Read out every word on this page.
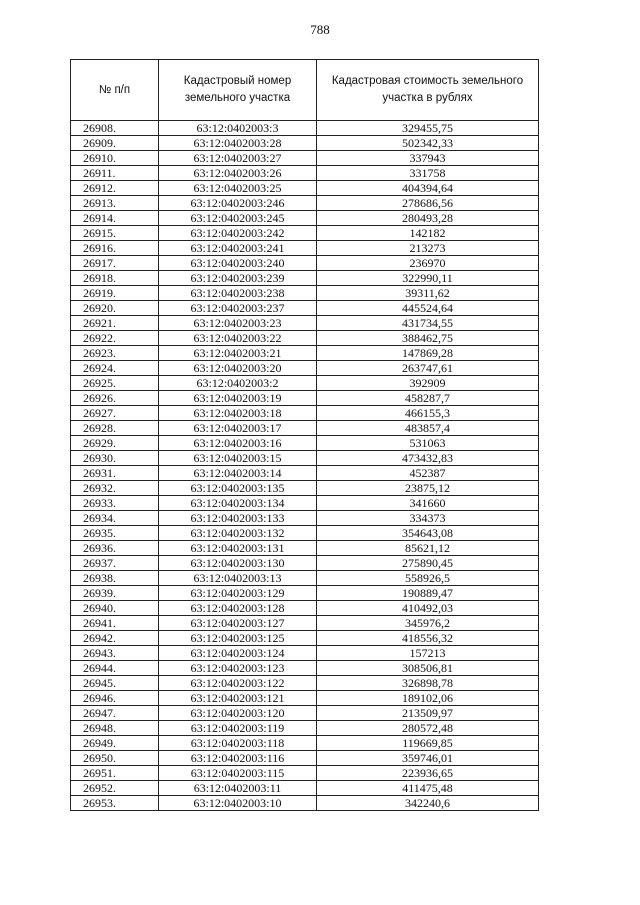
788
№ п/п	Кадастровый номер земельного участка	Кадастровая стоимость земельного участка в рублях
26908.	63:12:0402003:3	329455,75
26909.	63:12:0402003:28	502342,33
26910.	63:12:0402003:27	337943
26911.	63:12:0402003:26	331758
26912.	63:12:0402003:25	404394,64
26913.	63:12:0402003:246	278686,56
26914.	63:12:0402003:245	280493,28
26915.	63:12:0402003:242	142182
26916.	63:12:0402003:241	213273
26917.	63:12:0402003:240	236970
26918.	63:12:0402003:239	322990,11
26919.	63:12:0402003:238	39311,62
26920.	63:12:0402003:237	445524,64
26921.	63:12:0402003:23	431734,55
26922.	63:12:0402003:22	388462,75
26923.	63:12:0402003:21	147869,28
26924.	63:12:0402003:20	263747,61
26925.	63:12:0402003:2	392909
26926.	63:12:0402003:19	458287,7
26927.	63:12:0402003:18	466155,3
26928.	63:12:0402003:17	483857,4
26929.	63:12:0402003:16	531063
26930.	63:12:0402003:15	473432,83
26931.	63:12:0402003:14	452387
26932.	63:12:0402003:135	23875,12
26933.	63:12:0402003:134	341660
26934.	63:12:0402003:133	334373
26935.	63:12:0402003:132	354643,08
26936.	63:12:0402003:131	85621,12
26937.	63:12:0402003:130	275890,45
26938.	63:12:0402003:13	558926,5
26939.	63:12:0402003:129	190889,47
26940.	63:12:0402003:128	410492,03
26941.	63:12:0402003:127	345976,2
26942.	63:12:0402003:125	418556,32
26943.	63:12:0402003:124	157213
26944.	63:12:0402003:123	308506,81
26945.	63:12:0402003:122	326898,78
26946.	63:12:0402003:121	189102,06
26947.	63:12:0402003:120	213509,97
26948.	63:12:0402003:119	280572,48
26949.	63:12:0402003:118	119669,85
26950.	63:12:0402003:116	359746,01
26951.	63:12:0402003:115	223936,65
26952.	63:12:0402003:11	411475,48
26953.	63:12:0402003:10	342240,6
